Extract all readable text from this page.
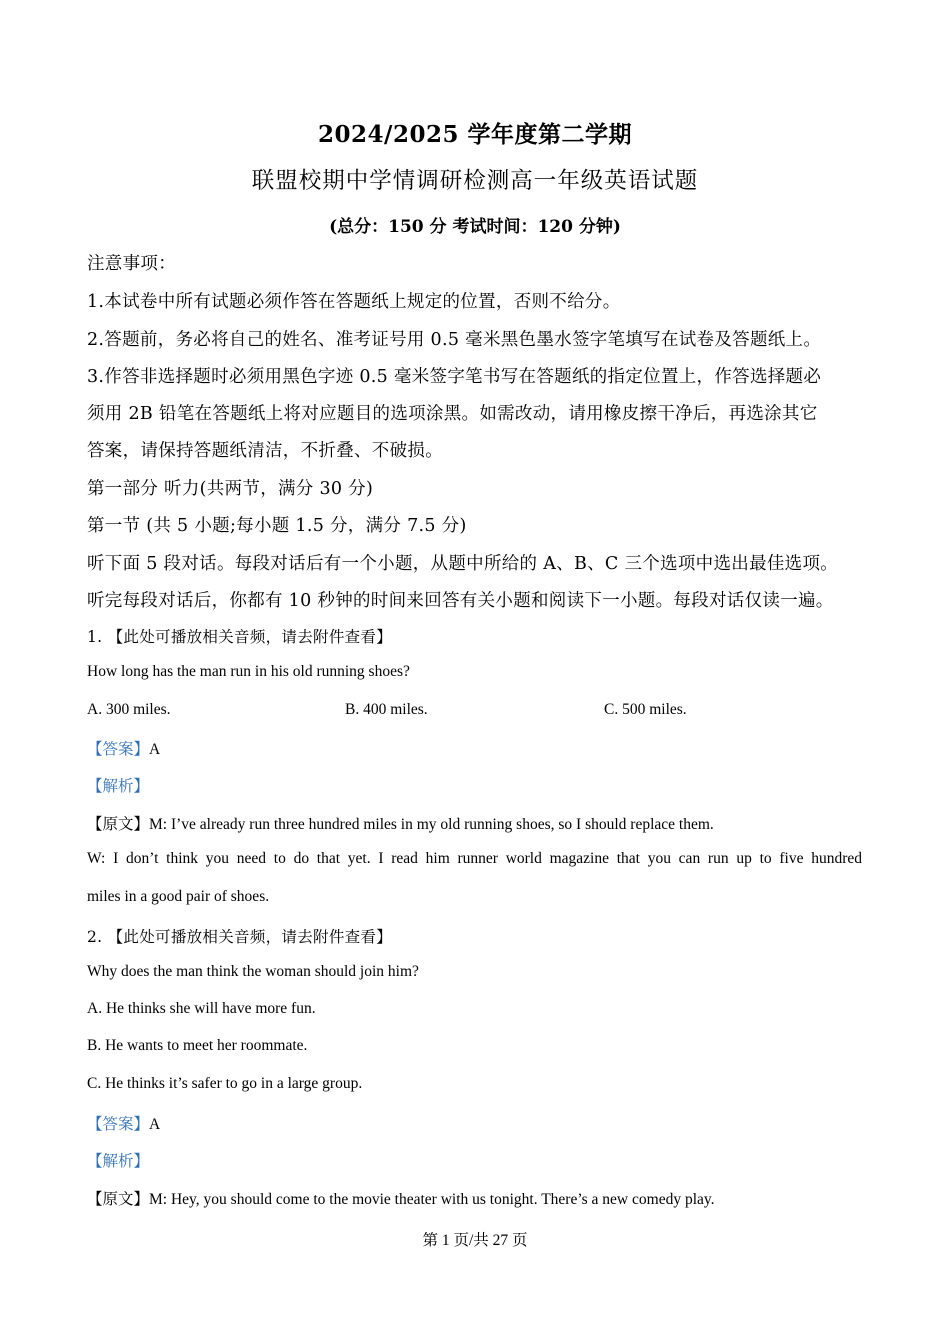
2024/2025 学年度第二学期
联盟校期中学情调研检测高一年级英语试题
(总分：150 分 考试时间：120 分钟)
注意事项：
1.本试卷中所有试题必须作答在答题纸上规定的位置，否则不给分。
2.答题前，务必将自己的姓名、准考证号用 0.5 毫米黑色墨水签字笔填写在试卷及答题纸上。
3.作答非选择题时必须用黑色字迹 0.5 毫米签字笔书写在答题纸的指定位置上，作答选择题必
须用 2B 铅笔在答题纸上将对应题目的选项涂黑。如需改动，请用橡皮擦干净后，再选涂其它
答案，请保持答题纸清洁，不折叠、不破损。
第一部分 听力(共两节，满分 30 分)
第一节 (共 5 小题;每小题 1.5 分，满分 7.5 分)
听下面 5 段对话。每段对话后有一个小题，从题中所给的 A、B、C 三个选项中选出最佳选项。
听完每段对话后，你都有 10 秒钟的时间来回答有关小题和阅读下一小题。每段对话仅读一遍。
1. 【此处可播放相关音频，请去附件查看】
How long has the man run in his old running shoes?
A. 300 miles.	B. 400 miles.	C. 500 miles.
【答案】A
【解析】
【原文】M: I’ve already run three hundred miles in my old running shoes, so I should replace them.
W: I don’t think you need to do that yet. I read him runner world magazine that you can run up to five hundred
miles in a good pair of shoes.
2. 【此处可播放相关音频，请去附件查看】
Why does the man think the woman should join him?
A. He thinks she will have more fun.
B. He wants to meet her roommate.
C. He thinks it’s safer to go in a large group.
【答案】A
【解析】
【原文】M: Hey, you should come to the movie theater with us tonight. There’s a new comedy play.
第 1 页/共 27 页
